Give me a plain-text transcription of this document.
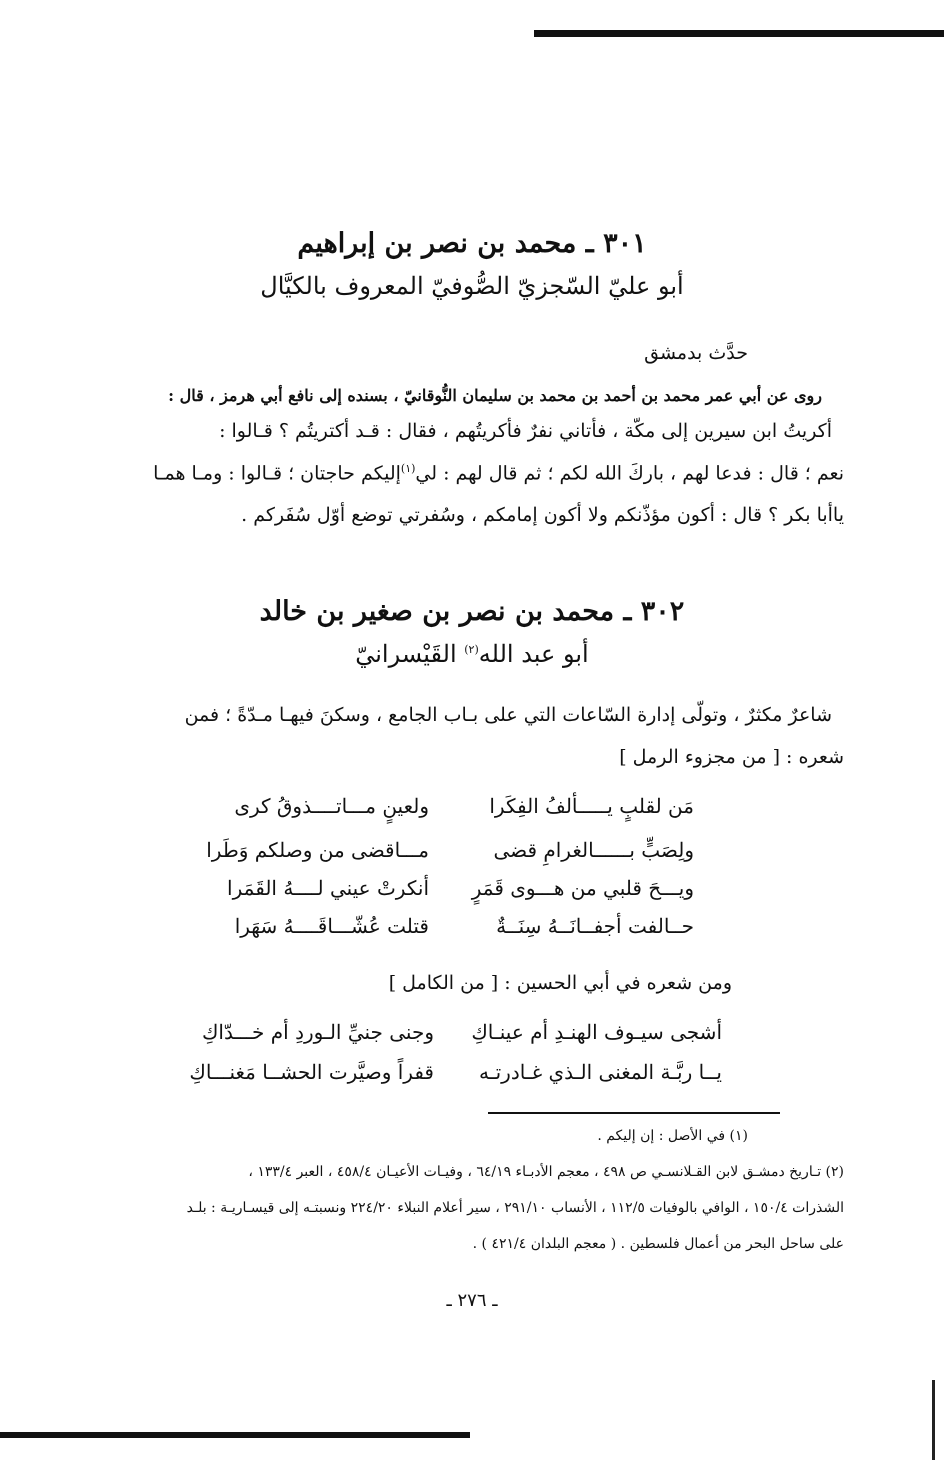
٣٠١ ـ محمد بن نصر بن إبراهيم
أبو عليّ السّجزيّ الصُّوفيّ المعروف بالكيَّال
حدَّث بدمشق
روى عن أبي عمر محمد بن أحمد بن محمد بن سليمان النُّوقانيّ ، بسنده إلى نافع أبي هرمز ، قال :
أكريتُ ابن سيرين إلى مكّة ، فأتاني نفرٌ فأكريتُهم ، فقال : قـد أكتريتُم ؟ قـالوا :
نعم ؛ قال : فدعا لهم ، باركَ الله لكم ؛ ثم قال لهم : لي$^{(١)}$إليكم حاجتان ؛ قـالوا : ومـا همـا
ياأبا بكر ؟ قال : أكون مؤذّنكم ولا أكون إمامكم ، وسُفرتي توضع أوّل سُفَركم .
٣٠٢ ـ محمد بن نصر بن صغير بن خالد
أبو عبد الله$^{(٢)}$ القَيْسرانيّ
شاعرٌ مكثرٌ ، وتولّى إدارة السّاعات التي على بـاب الجامع ، وسكنَ فيهـا مـدّةً ؛ فمن
شعره : [ من مجزوء الرمل ]
مَن لقلبٍ يـــــألفُ الفِكَرا
ولعينٍ مـــاتــــذوقُ كرى
ولِصَبٍّ بــــــالغرامِ قضى
مـــاقضى من وصلكم وَطَرا
ويـــحَ قلبي من هـــوى قَمَرٍ
أنكرتْ عيني لــــهُ القَمَرا
حــالفت أجفــانَــهُ سِنَــةٌ
قتلت عُشّـــاقَــــهُ سَهَرا
ومن شعره في أبي الحسين : [ من الكامل ]
أشجى سيـوف الهنـدِ أم عينـاكِ
وجنى جنيِّ الـوردِ أم خـــدّاكِ
يــا ربَّـة المغنى الـذي غـادرتـه
قفراً وصيَّرت الحشــا مَغنـــاكِ
(١) في الأصل : إن إليكم .
(٢) تـاريخ دمشـق لابن القـلانسـي ص ٤٩٨ ، معجم الأدبـاء ٦٤/١٩ ، وفيـات الأعيـان ٤٥٨/٤ ، العبر ١٣٣/٤ ،
الشذرات ١٥٠/٤ ، الوافي بالوفيات ١١٢/٥ ، الأنساب ٢٩١/١٠ ، سير أعلام النبلاء ٢٢٤/٢٠ ونسبتـه إلى قيسـاريـة : بلـد
على ساحل البحر من أعمال فلسطين . ( معجم البلدان ٤٢١/٤ ) .
ـ ٢٧٦ ـ
